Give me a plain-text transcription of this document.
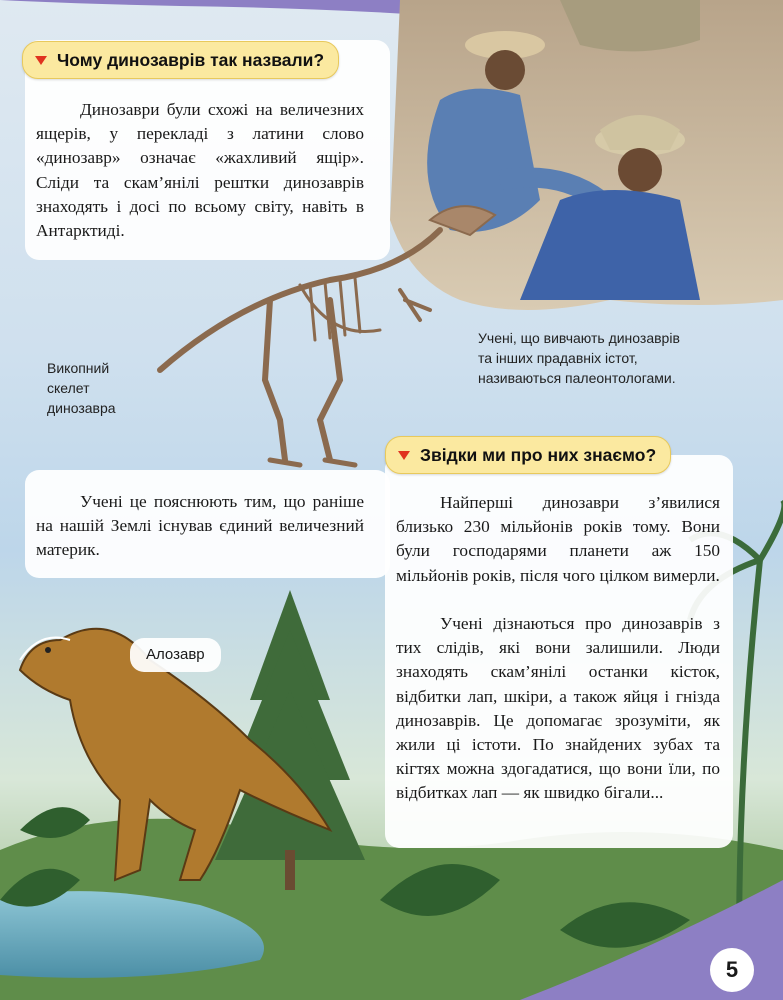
Чому динозаврів так назвали?

Динозаври були схожі на величезних ящерів, у перекладі з латини слово «динозавр» означає «жахливий ящір». Сліди та скам’янілі рештки динозаврів знаходять і досі по всьому світу, навіть в Антарктиді.

Викопний
скелет
динозавра
Учені, що вивчають динозаврів
та інших прадавніх істот,
називаються палеонтологами.

Учені це пояснюють тим, що раніше на нашій Землі існував єдиний величезний материк.

Алозавр
Звідки ми про них знаємо?

Найперші динозаври з’явилися близько 230 мільйонів років тому. Вони були господарями планети аж 150 мільйонів років, після чого цілком вимерли.

Учені дізнаються про динозаврів з тих слідів, які вони залишили. Люди знаходять скам’янілі останки кісток, відбитки лап, шкіри, а також яйця і гнізда динозаврів. Це допомагає зрозуміти, як жили ці істоти. По знайдених зубах та кігтях можна здогадатися, що вони їли, по відбитках лап — як швидко бігали...

5
